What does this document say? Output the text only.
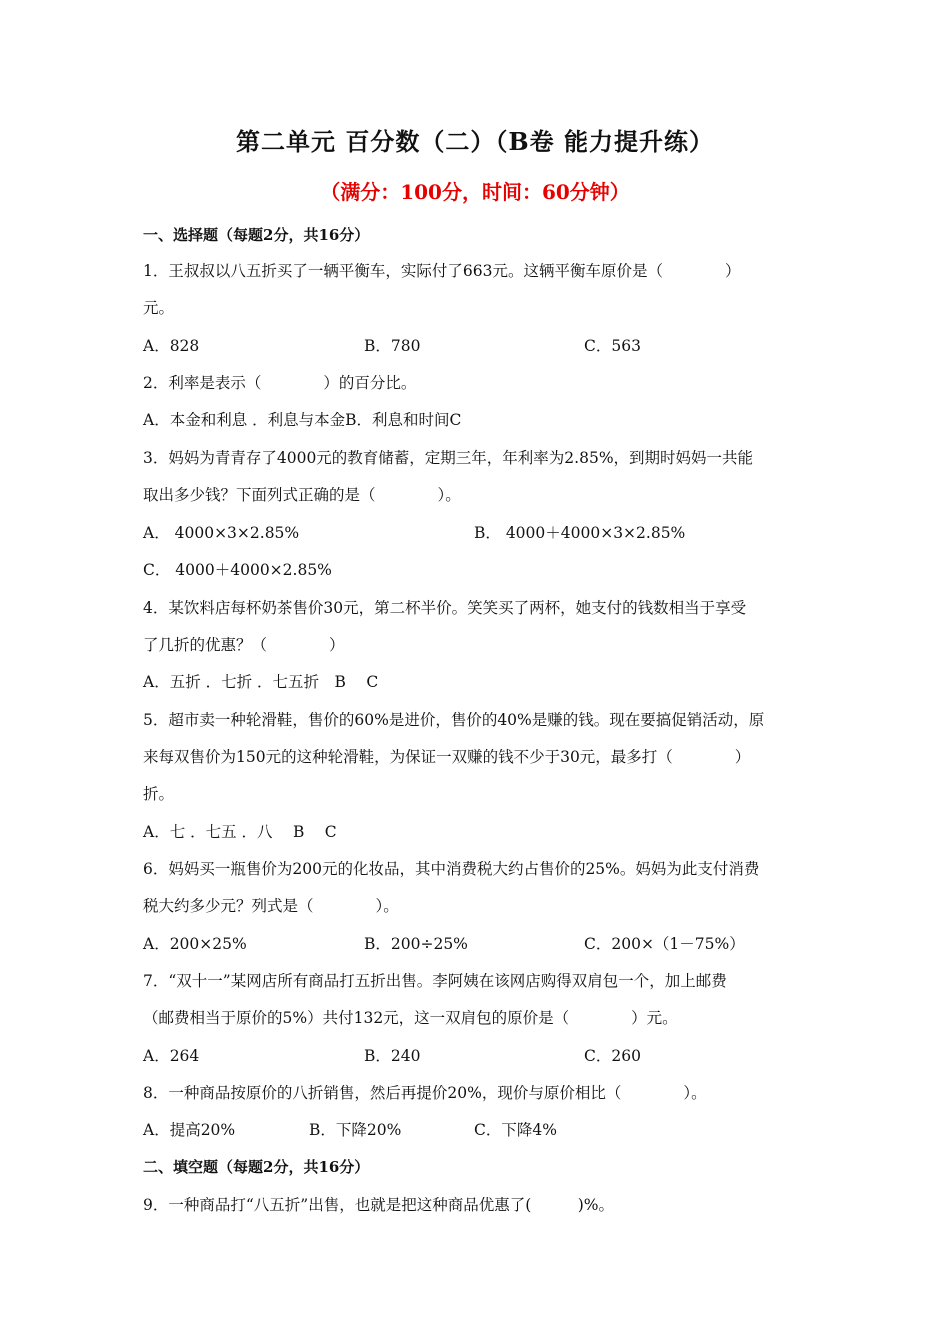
第二单元 百分数（二）（B卷 能力提升练）
（满分：100分，时间：60分钟）
一、选择题（每题2分，共16分）
1．王叔叔以八五折买了一辆平衡车，实际付了663元。这辆平衡车原价是（　　　　）
元。
A．828	B．780	C．563
2．利率是表示（　　　　）的百分比。
A．本金和利息 ．利息与本金B．利息和时间C
3．妈妈为青青存了4000元的教育储蓄，定期三年，年利率为2.85%，到期时妈妈一共能
取出多少钱？下面列式正确的是（　　　　）。
A． 4000×3×2.85%	B． 4000＋4000×3×2.85%
C． 4000＋4000×2.85%
4．某饮料店每杯奶茶售价30元，第二杯半价。笑笑买了两杯，她支付的钱数相当于享受
了几折的优惠？（　　　　）
A．五折 ．七折 ．七五折　B　 C
5．超市卖一种轮滑鞋，售价的60%是进价，售价的40%是赚的钱。现在要搞促销活动，原
来每双售价为150元的这种轮滑鞋，为保证一双赚的钱不少于30元，最多打（　　　　）
折。
A．七 ．七五 ．八　 B　 C
6．妈妈买一瓶售价为200元的化妆品，其中消费税大约占售价的25%。妈妈为此支付消费
税大约多少元？列式是（　　　　）。
A．200×25%	B．200÷25%	C．200×（1－75%）
7．“双十一”某网店所有商品打五折出售。李阿姨在该网店购得双肩包一个，加上邮费
（邮费相当于原价的5%）共付132元，这一双肩包的原价是（　　　　）元。
A．264	B．240	C．260
8．一种商品按原价的八折销售，然后再提价20%，现价与原价相比（　　　　）。
A．提高20%	B．下降20%	C．下降4%
二、填空题（每题2分，共16分）
9．一种商品打“八五折”出售，也就是把这种商品优惠了(　　　)%。
